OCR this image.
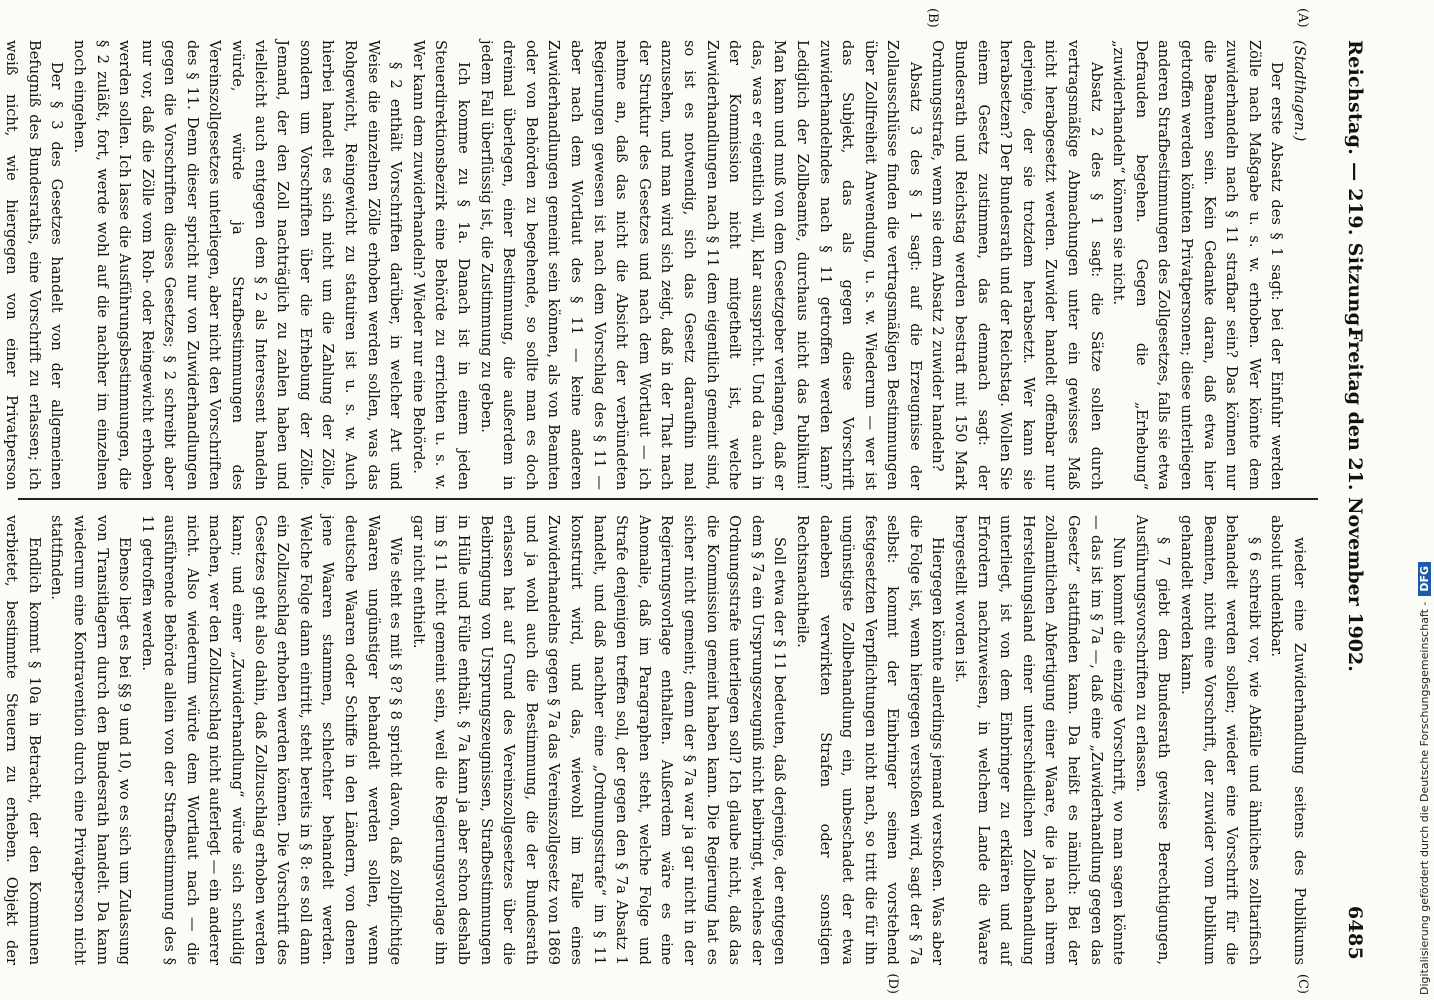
Reichstag. — 219. Sitzung.
Freitag den 21. November 1902.
6485
(A)
(B)
(C)
(D)

(Stadthagen.)

Der erste Absatz des § 1 sagt: bei der Einfuhr werden Zölle nach Maßgabe u. s. w. erhoben. Wer könnte dem zuwiderhandeln nach § 11 strafbar sein? Das können nur die Beamten sein. Kein Gedanke daran, daß etwa hier getroffen werden könnten Privatpersonen; diese unterliegen anderen Strafbestimmungen des Zollgesetzes, falls sie etwa Defrauden begehen. Gegen die „Erhebung“ „zuwiderhandeln“ können sie nicht.

Absatz 2 des § 1 sagt: die Sätze sollen durch vertragsmäßige Abmachungen unter ein gewisses Maß nicht herabgesetzt werden. Zuwider handelt offenbar nur derjenige, der sie trotzdem herabsetzt. Wer kann sie herabsetzen? Der Bundesrath und der Reichstag. Wollen Sie einem Gesetz zustimmen, das demnach sagt: der Bundesrath und Reichstag werden bestraft mit 150 Mark Ordnungsstrafe, wenn sie dem Absatz 2 zuwider handeln?

Absatz 3 des § 1 sagt: auf die Erzeugnisse der Zollausschlüsse finden die vertragsmäßigen Bestimmungen über Zollfreiheit Anwendung, u. s. w. Wiederum — wer ist das Subjekt, das als gegen diese Vorschrift zuwiderhandelndes nach § 11 getroffen werden kann? Lediglich der Zollbeamte, durchaus nicht das Publikum! Man kann und muß von dem Gesetzgeber verlangen, daß er das, was er eigentlich will, klar ausspricht. Und da auch in der Kommission nicht mitgetheilt ist, welche Zuwiderhandlungen nach § 11 dem eigentlich gemeint sind, so ist es notwendig, sich das Gesetz daraufhin mal anzusehen, und man wird sich zeigt, daß in der That nach der Struktur des Gesetzes und nach dem Wortlaut — ich nehme an, daß das nicht die Absicht der verbündeten Regierungen gewesen ist nach dem Vorschlag des § 11 — aber nach dem Wortlaut des § 11 — keine anderen Zuwiderhandlungen gemeint sein können, als von Beamten oder von Behörden zu begehende, so sollte man es doch dreimal überlegen, einer Bestimmung, die außerdem in jedem Fall überflüssig ist, die Zustimmung zu geben.

Ich komme zu § 1a. Danach ist in einem jeden Steuerdirektionsbezirk eine Behörde zu errichten u. s. w. Wer kann dem zuwiderhandeln? Wieder nur eine Behörde.

§ 2 enthält Vorschriften darüber, in welcher Art und Weise die einzelnen Zölle erhoben werden sollen, was das Rohgewicht, Reingewicht zu statuiren ist u. s. w. Auch hierbei handelt es sich nicht um die Zahlung der Zölle, sondern um Vorschriften über die Erhebung der Zölle. Jemand, der den Zoll nachträglich zu zahlen haben und vielleicht auch entgegen dem § 2 als Interessent handeln würde, würde ja Strafbestimmungen des Vereinszollgesetzes unterliegen, aber nicht den Vorschriften des § 11. Denn dieser spricht nur von Zuwiderhandlungen gegen die Vorschriften dieses Gesetzes; § 2 schreibt aber nur vor, daß die Zölle vom Roh- oder Reingewicht erhoben werden sollen. Ich lasse die Ausführungsbestimmungen, die § 2 zuläßt, fort, werde wohl auf die nachher im einzelnen noch eingehen.

Der § 3 des Gesetzes handelt von der allgemeinen Befugniß des Bundesraths, eine Vorschrift zu erlassen; ich weiß nicht, wie hiergegen von einer Privatperson

wieder eine Zuwiderhandlung seitens des Publikums absolut undenkbar.

§ 6 schreibt vor, wie Abfälle und ähnliches zolltarifisch behandelt werden sollen; wieder eine Vorschrift für die Beamten, nicht eine Vorschrift, der zuwider vom Publikum gehandelt werden kann.

§ 7 giebt dem Bundesrath gewisse Berechtigungen, Ausführungsvorschriften zu erlassen.

Nun kommt die einzige Vorschrift, wo man sagen könnte — das ist im § 7a —, daß eine „Zuwiderhandlung gegen das Gesetz“ stattfinden kann. Da heißt es nämlich: Bei der zollamtlichen Abfertigung einer Waare, die ja nach ihrem Herstellungsland einer unterschiedlichen Zollbehandlung unterliegt, ist von dem Einbringer zu erklären und auf Erfordern nachzuweisen, in welchem Lande die Waare hergestellt worden ist.

Hiergegen könnte allerdings jemand verstoßen. Was aber die Folge ist, wenn hiergegen verstoßen wird, sagt der § 7a selbst: kommt der Einbringer seinen vorstehend festgesetzten Verpflichtungen nicht nach, so tritt die für ihn ungünstigste Zollbehandlung ein, unbeschadet der etwa daneben verwirkten Strafen oder sonstigen Rechtsnachtheile.

Soll etwa der § 11 bedeuten, daß derjenige, der entgegen dem § 7a ein Ursprungszeugniß nicht beibringt, welches der Ordnungsstrafe unterliegen soll? Ich glaube nicht, daß das die Kommission gemeint haben kann. Die Regierung hat es sicher nicht gemeint; denn der § 7a war ja gar nicht in der Regierungsvorlage enthalten. Außerdem wäre es eine Anomalie, daß im Paragraphen steht, welche Folge und Strafe denjenigen treffen soll, der gegen den § 7a Absatz 1 handelt, und daß nachher eine „Ordnungsstrafe“ im § 11 konstruirt wird, und das, wiewohl im Falle eines Zuwiderhandelns gegen § 7a das Vereinszollgesetz von 1869 und ja wohl auch die Bestimmung, die der Bundesrath erlassen hat auf Grund des Vereinszollgesetzes über die Beibringung von Ursprungszeugnissen, Strafbestimmungen in Hülle und Fülle enthält. § 7a kann ja aber schon deshalb im § 11 nicht gemeint sein, weil die Regierungsvorlage ihn gar nicht enthielt.

Wie steht es mit § 8? § 8 spricht davon, daß zollpflichtige Waaren ungünstiger behandelt werden sollen, wenn deutsche Waaren oder Schiffe in den Ländern, von denen jene Waaren stammen, schlechter behandelt werden. Welche Folge dann eintritt, steht bereits in § 8: es soll dann ein Zollzuschlag erhoben werden können. Die Vorschrift des Gesetzes geht also dahin, daß Zollzuschlag erhoben werden kann; und einer „Zuwiderhandlung“ würde sich schuldig machen, wer den Zollzuschlag nicht auferlegt — ein anderer nicht. Also wiederum würde dem Wortlaut nach — die ausführende Behörde allein von der Strafbestimmung des § 11 getroffen werden.

Ebenso liegt es bei §§ 9 und 10, wo es sich um Zulassung von Transitlagern durch den Bundesrath handelt. Da kann wiederum eine Kontravention durch eine Privatperson nicht stattfinden.

Endlich kommt § 10a in Betracht, der den Kommunen verbietet, bestimmte Steuern zu erheben. Objekt der	Digitalisierung gefördert durch die Deutsche Forschungsgemeinschaft -DFG
